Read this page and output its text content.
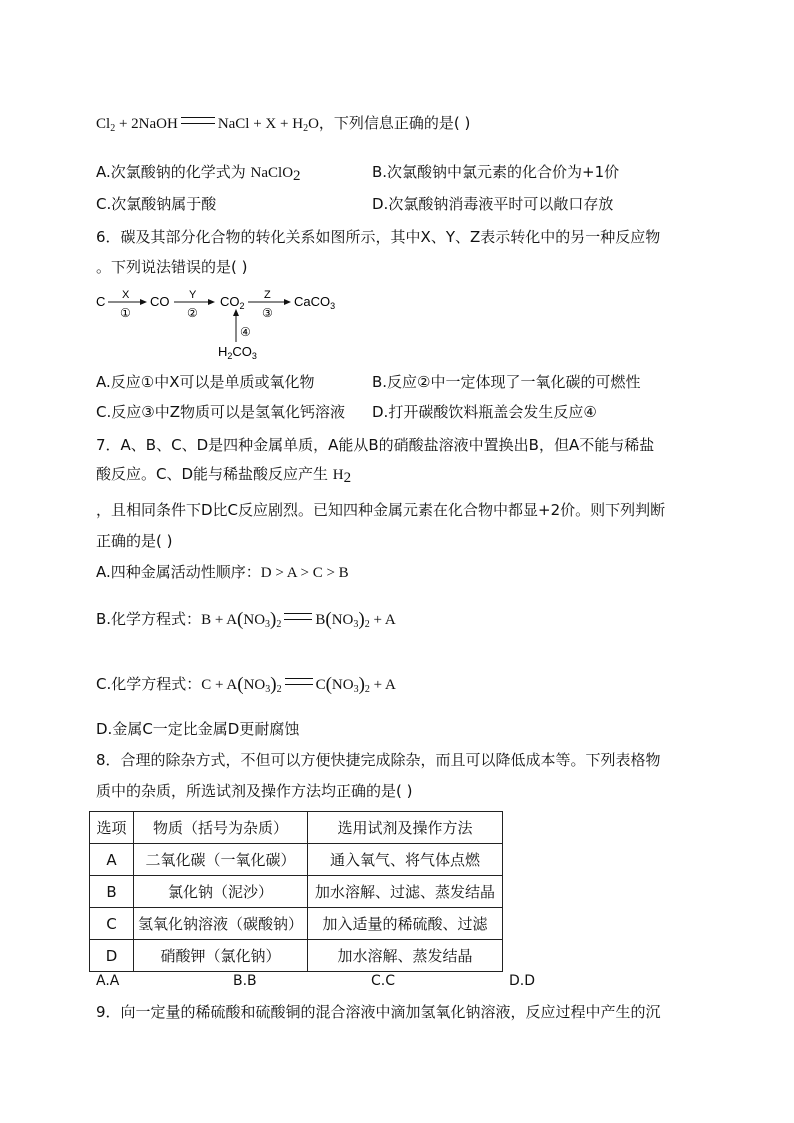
$Cl_2$ + 2NaOH	NaCl + $X + H_2O$，下列信息正确的是( )
A.次氯酸钠的化学式为 NaClO$_2$	B.次氯酸钠中氯元素的化合价为+1价
C.次氯酸钠属于酸	D.次氯酸钠消毒液平时可以敞口存放
6．碳及其部分化合物的转化关系如图所示，其中X、Y、Z表示转化中的另一种反应物
。下列说法错误的是( )
C X
①
CO Y
②
$CO_2$
Z
③
CaCO$_3$
④
$H_2CO_3$
A.反应①中X可以是单质或氧化物	B.反应②中一定体现了一氧化碳的可燃性
C.反应③中Z物质可以是氢氧化钙溶液 D.打开碳酸饮料瓶盖会发生反应④
7．A、B、C、D是四种金属单质，A能从B的硝酸盐溶液中置换出B，但A不能与稀盐
酸反应。C、D能与稀盐酸反应产生 $H_2$
，且相同条件下D比C反应剧烈。已知四种金属元素在化合物中都显+2价。则下列判断
正确的是( )
A.四种金属活动性顺序：D > A > C > B
B.化学方程式：$B + A(NO_3)_2$ $B(NO_3)_2 + A$
C.化学方程式：$C + A(NO_3)_2$ $C(NO_3)_2 + A$
D.金属C一定比金属D更耐腐蚀
8．合理的除杂方式，不但可以方便快捷完成除杂，而且可以降低成本等。下列表格物
质中的杂质，所选试剂及操作方法均正确的是( )
选项	物质（括号为杂质）	选用试剂及操作方法
A	二氧化碳（一氧化碳）	通入氧气、将气体点燃
B	氯化钠（泥沙）	加水溶解、过滤、蒸发结晶
C	氢氧化钠溶液（碳酸钠）	加入适量的稀硫酸、过滤
D	硝酸钾（氯化钠）	加水溶解、蒸发结晶
A.A	B.B	C.C	D.D
9．向一定量的稀硫酸和硫酸铜的混合溶液中滴加氢氧化钠溶液，反应过程中产生的沉
